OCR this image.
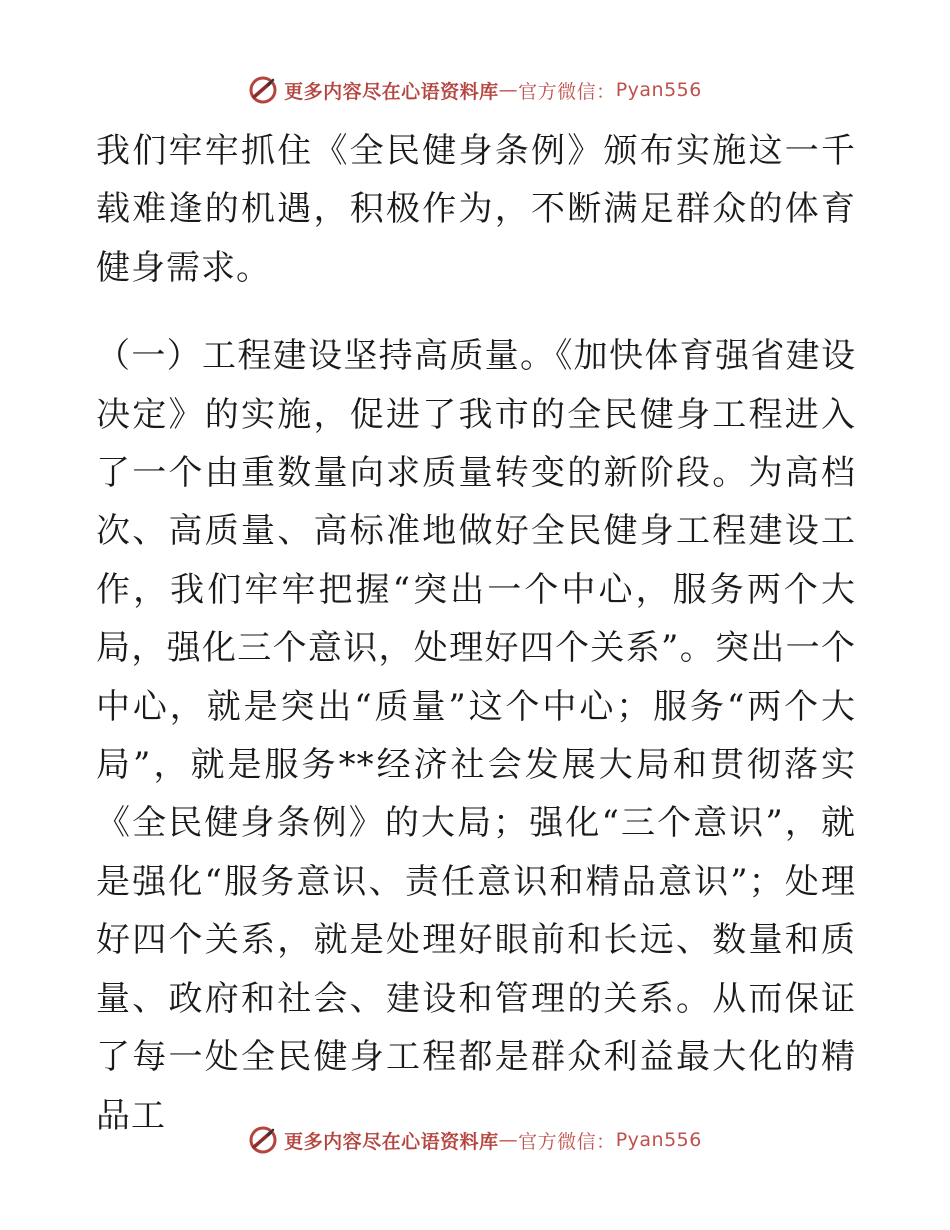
更多内容尽在心语资料库 — 官方微信： Pyan556

我们牢牢抓住《全民健身条例》颁布实施这一千载难逢的机遇，积极作为，不断满足群众的体育健身需求。

（一）工程建设坚持高质量。《加快体育强省建设决定》的实施，促进了我市的全民健身工程进入了一个由重数量向求质量转变的新阶段。为高档次、高质量、高标准地做好全民健身工程建设工作，我们牢牢把握“突出一个中心，服务两个大局，强化三个意识，处理好四个关系”。突出一个中心，就是突出“质量”这个中心；服务“两个大局”，就是服务**经济社会发展大局和贯彻落实《全民健身条例》的大局；强化“三个意识”，就是强化“服务意识、责任意识和精品意识”；处理好四个关系，就是处理好眼前和长远、数量和质量、政府和社会、建设和管理的关系。从而保证了每一处全民健身工程都是群众利益最大化的精品工

更多内容尽在心语资料库 — 官方微信： Pyan556
